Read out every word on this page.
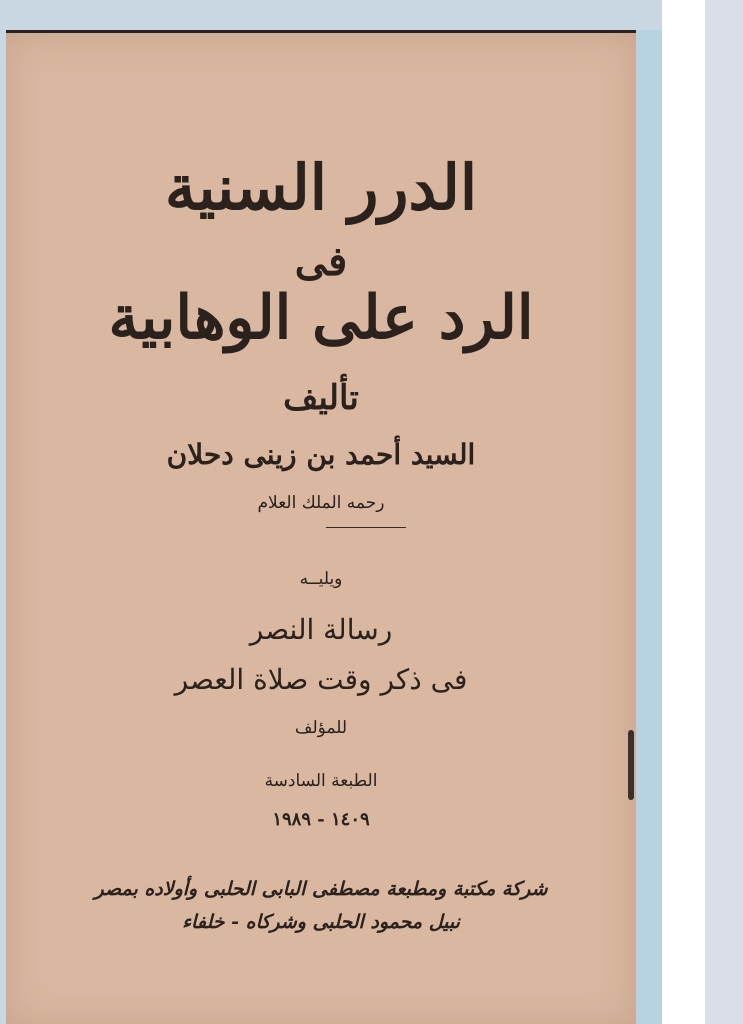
الدرر السنية
فى
الرد على الوهابية
تأليف
السيد أحمد بن زينى دحلان
رحمه الملك العلام
ويليــه
رسالة النصر
فى ذكر وقت صلاة العصر
للمؤلف
الطبعة السادسة
١٤٠٩ - ١٩٨٩
شركة مكتبة ومطبعة مصطفى البابى الحلبى وأولاده بمصر
نبيل محمود الحلبى وشركاه - خلفاء
